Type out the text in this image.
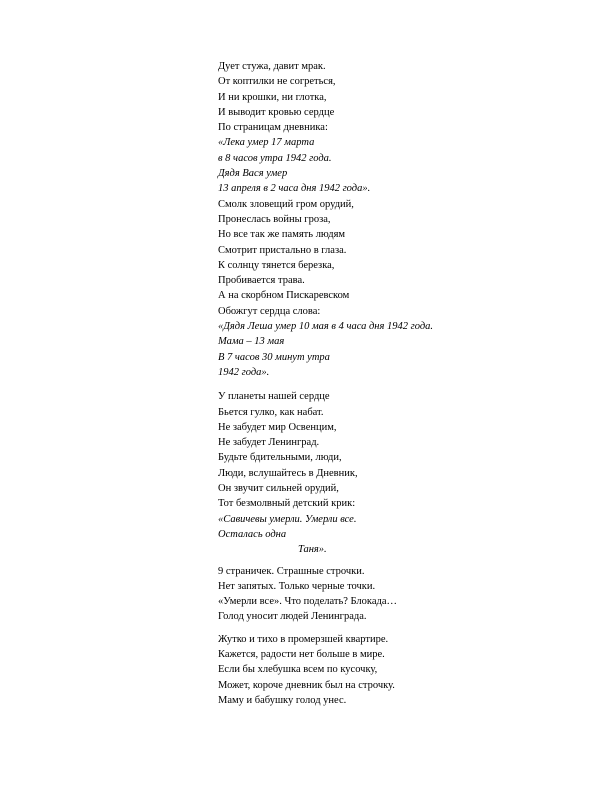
Дует стужа, давит мрак.
От коптилки не согреться,
И ни крошки, ни глотка,
И выводит кровью сердце
По страницам дневника:
«Лека умер 17 марта
в 8 часов утра 1942 года.
Дядя Вася умер
13 апреля в 2 часа дня 1942 года».
Смолк зловещий гром орудий,
Пронеслась войны гроза,
Но все так же память людям
Смотрит пристально в глаза.
К солнцу тянется березка,
Пробивается трава.
А на скорбном Пискаревском
Обожгут сердца слова:
«Дядя Леша умер 10 мая в 4 часа дня 1942 года.
Мама – 13 мая
В 7 часов 30 минут утра
1942 года».
У планеты нашей сердце
Бьется гулко, как набат.
Не забудет мир Освенцим,
Не забудет Ленинград.
Будьте бдительными, люди,
Люди, вслушайтесь в Дневник,
Он звучит сильней орудий,
Тот безмолвный детский крик:
«Савичевы умерли. Умерли все.
Осталась одна
Таня».
9 страничек. Страшные строчки.
Нет запятых. Только черные точки.
«Умерли все». Что поделать? Блокада…
Голод уносит людей Ленинграда.
Жутко и тихо в промерзшей квартире.
Кажется, радости нет больше в мире.
Если бы хлебушка всем по кусочку,
Может, короче дневник был на строчку.
Маму и бабушку голод унес.
